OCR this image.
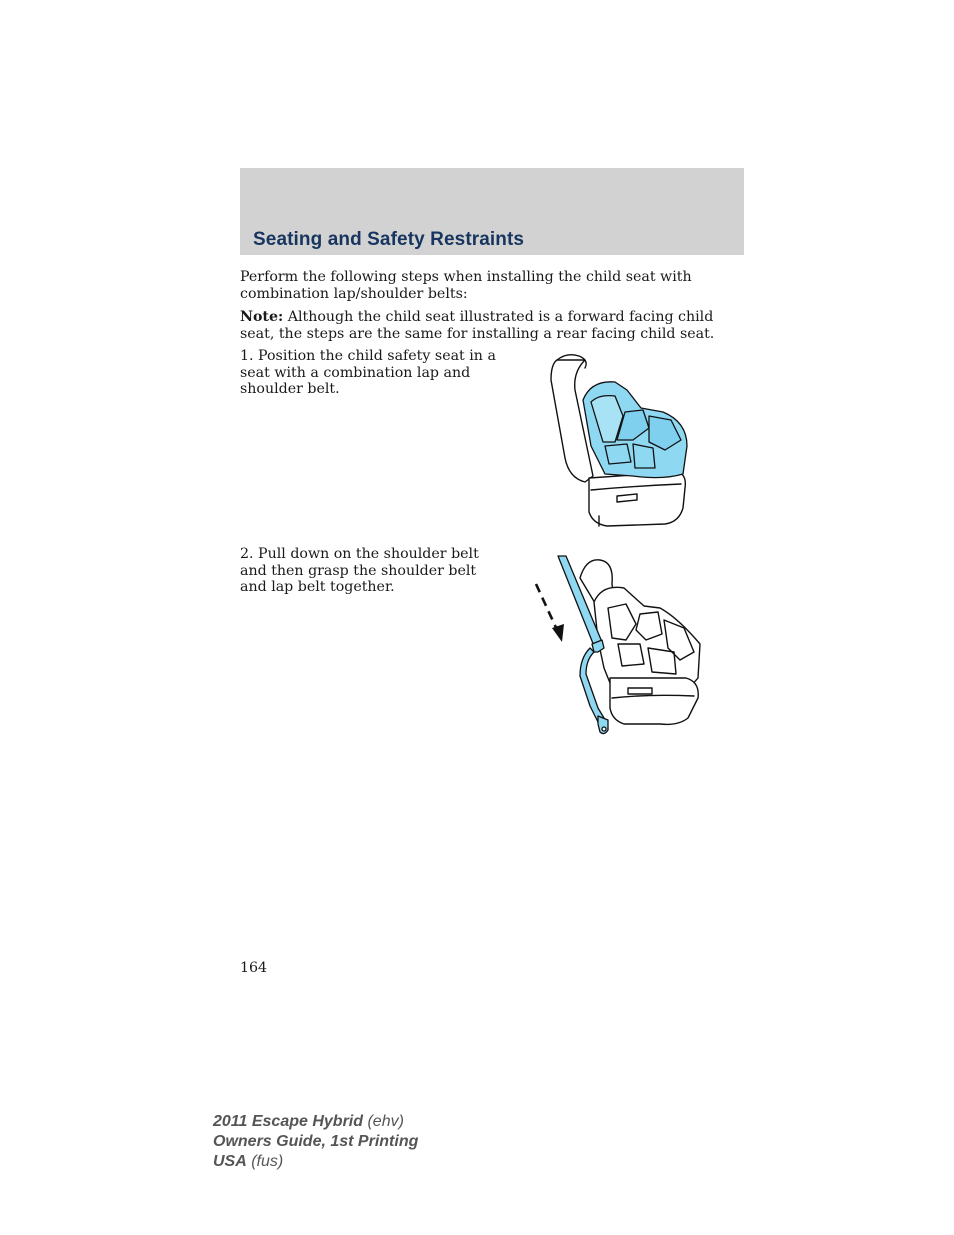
Seating and Safety Restraints

Perform the following steps when installing the child seat with combination lap/shoulder belts:

Note: Although the child seat illustrated is a forward facing child seat, the steps are the same for installing a rear facing child seat.

1. Position the child safety seat in a seat with a combination lap and shoulder belt.

2. Pull down on the shoulder belt and then grasp the shoulder belt and lap belt together.

164

2011 Escape Hybrid (ehv)
Owners Guide, 1st Printing
USA (fus)
